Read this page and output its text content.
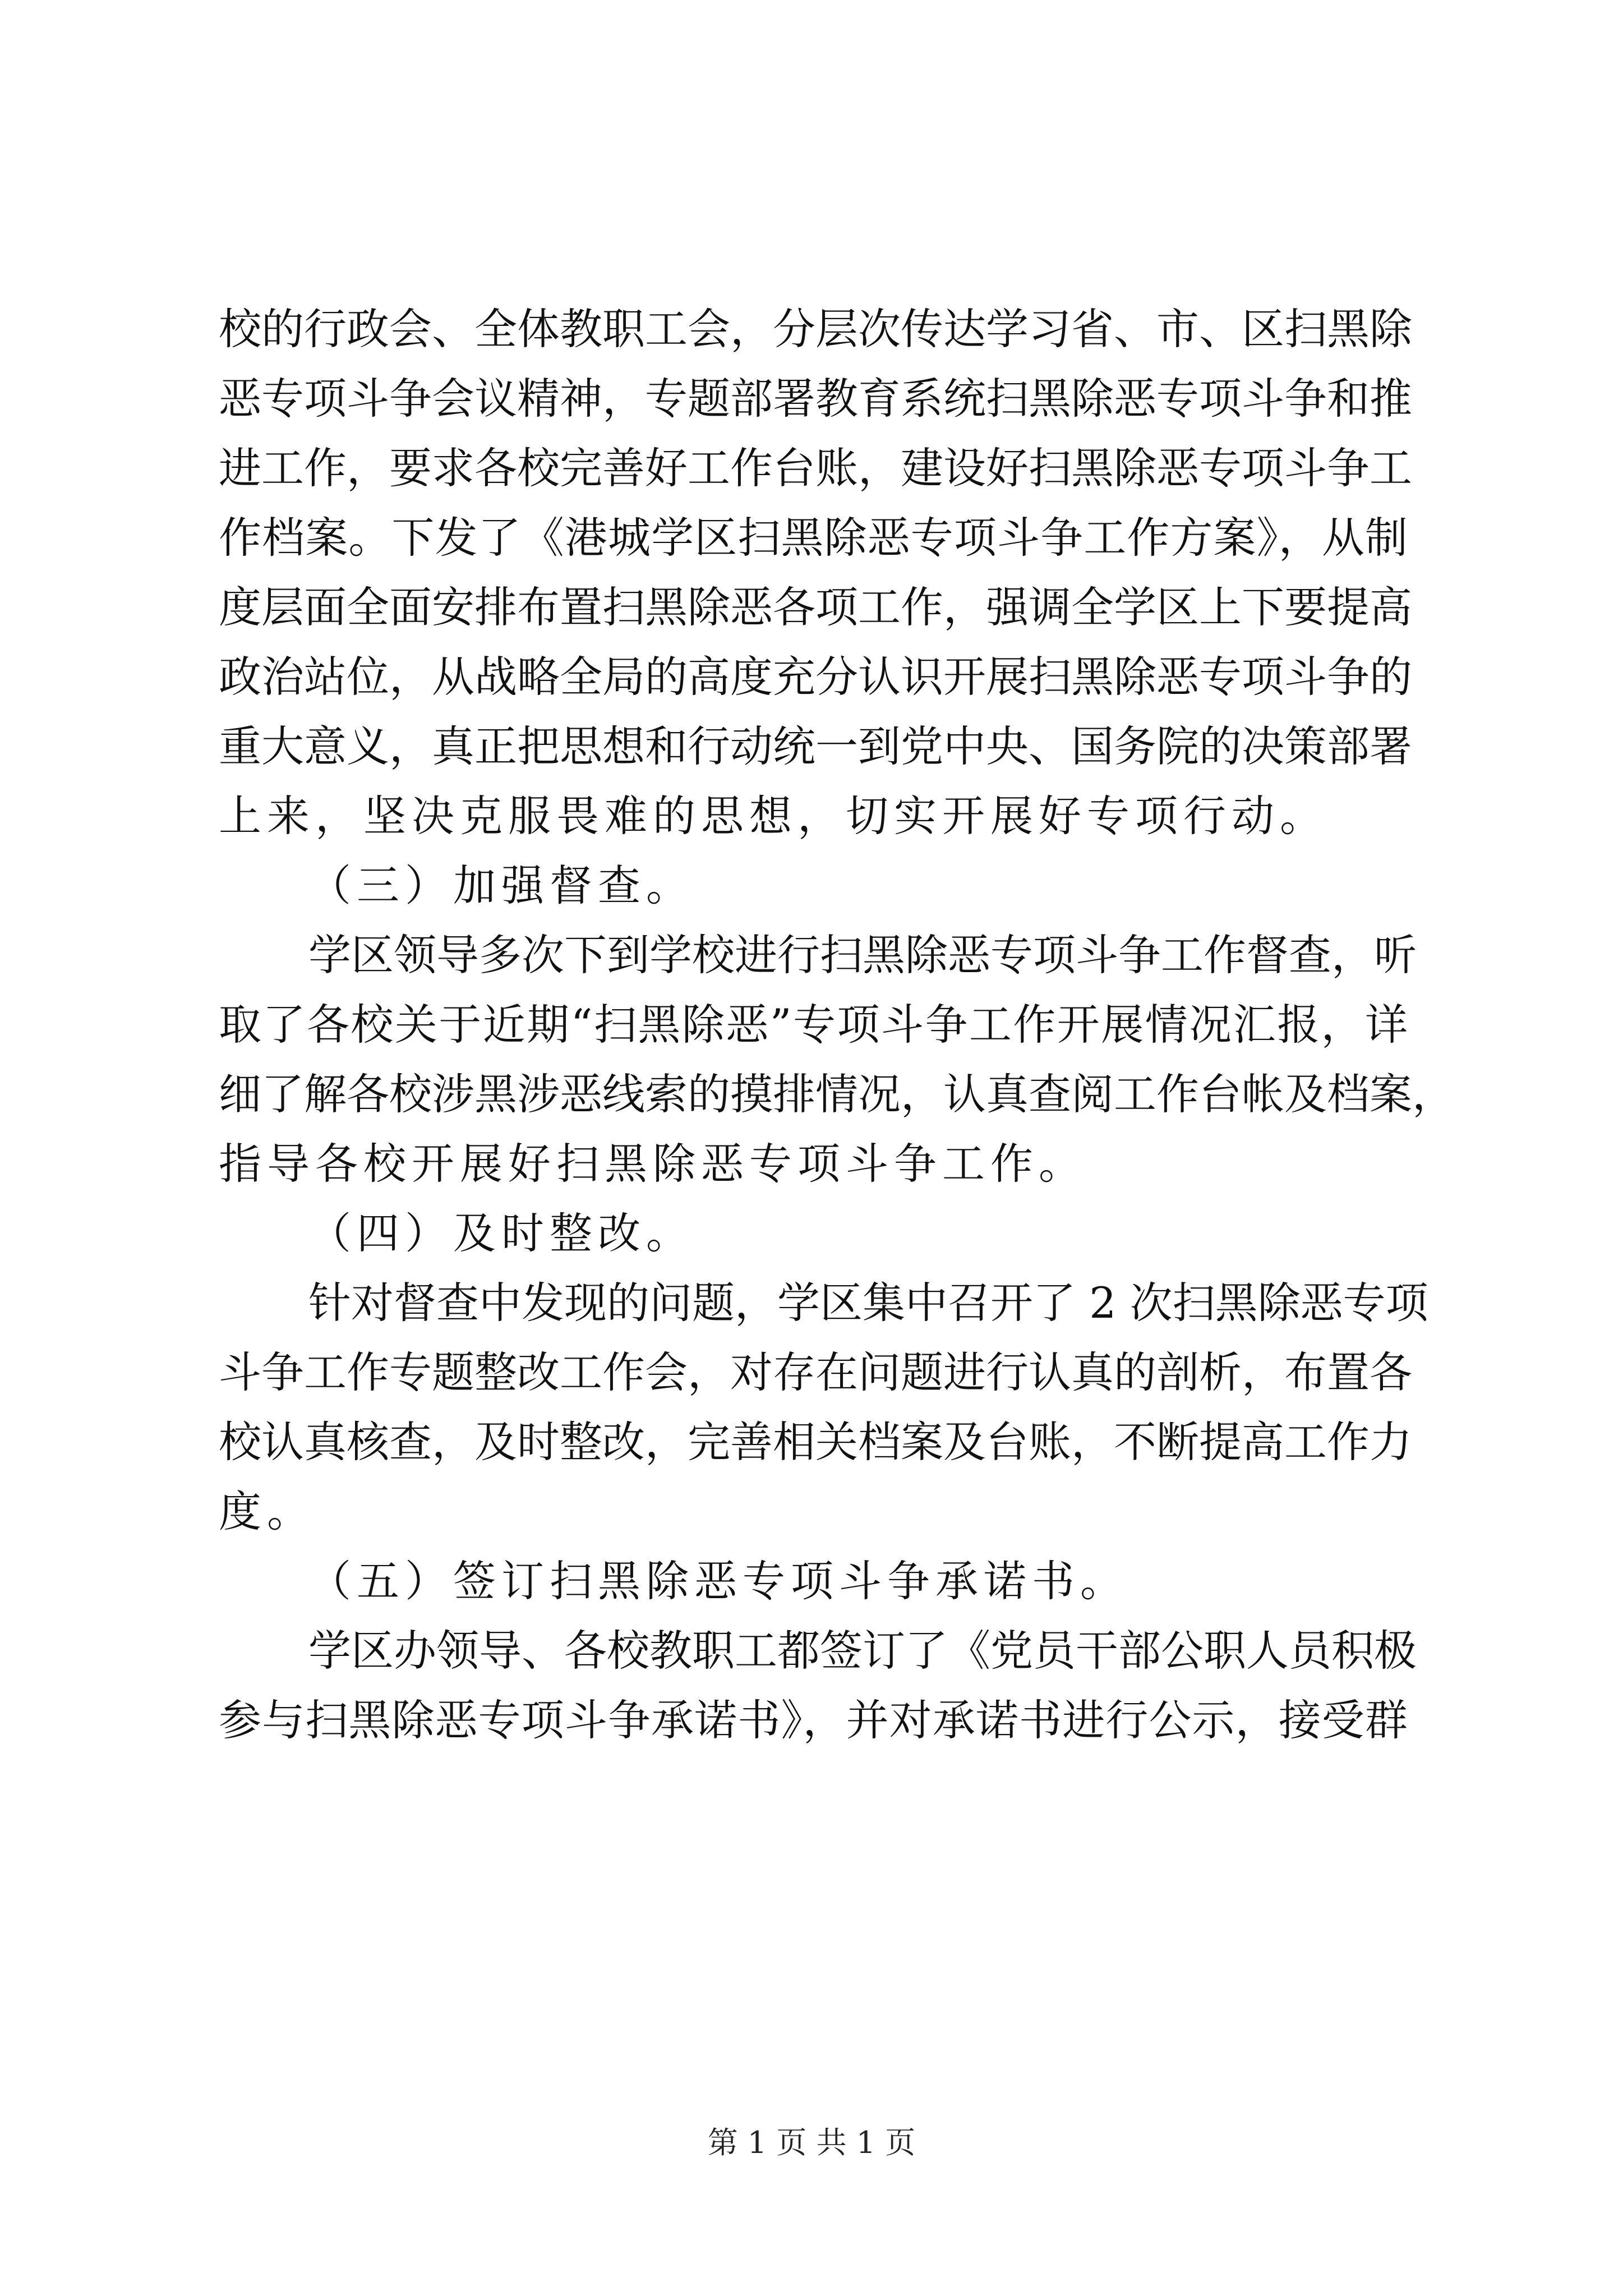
校的行政会、全体教职工会，分层次传达学习省、市、区扫黑除
恶专项斗争会议精神，专题部署教育系统扫黑除恶专项斗争和推
进工作，要求各校完善好工作台账，建设好扫黑除恶专项斗争工
作档案。下发了《港城学区扫黑除恶专项斗争工作方案》，从制
度层面全面安排布置扫黑除恶各项工作，强调全学区上下要提高
政治站位，从战略全局的高度充分认识开展扫黑除恶专项斗争的
重大意义，真正把思想和行动统一到党中央、国务院的决策部署
上来，坚决克服畏难的思想，切实开展好专项行动。
（三）加强督查。
学区领导多次下到学校进行扫黑除恶专项斗争工作督查，听
取了各校关于近期“扫黑除恶”专项斗争工作开展情况汇报，详
细了解各校涉黑涉恶线索的摸排情况，认真查阅工作台帐及档案，
指导各校开展好扫黑除恶专项斗争工作。
（四）及时整改。
针对督查中发现的问题，学区集中召开了 2 次扫黑除恶专项
斗争工作专题整改工作会，对存在问题进行认真的剖析，布置各
校认真核查，及时整改，完善相关档案及台账，不断提高工作力
度。
（五）签订扫黑除恶专项斗争承诺书。
学区办领导、各校教职工都签订了《党员干部公职人员积极
参与扫黑除恶专项斗争承诺书》，并对承诺书进行公示，接受群
第 1 页 共 1 页
